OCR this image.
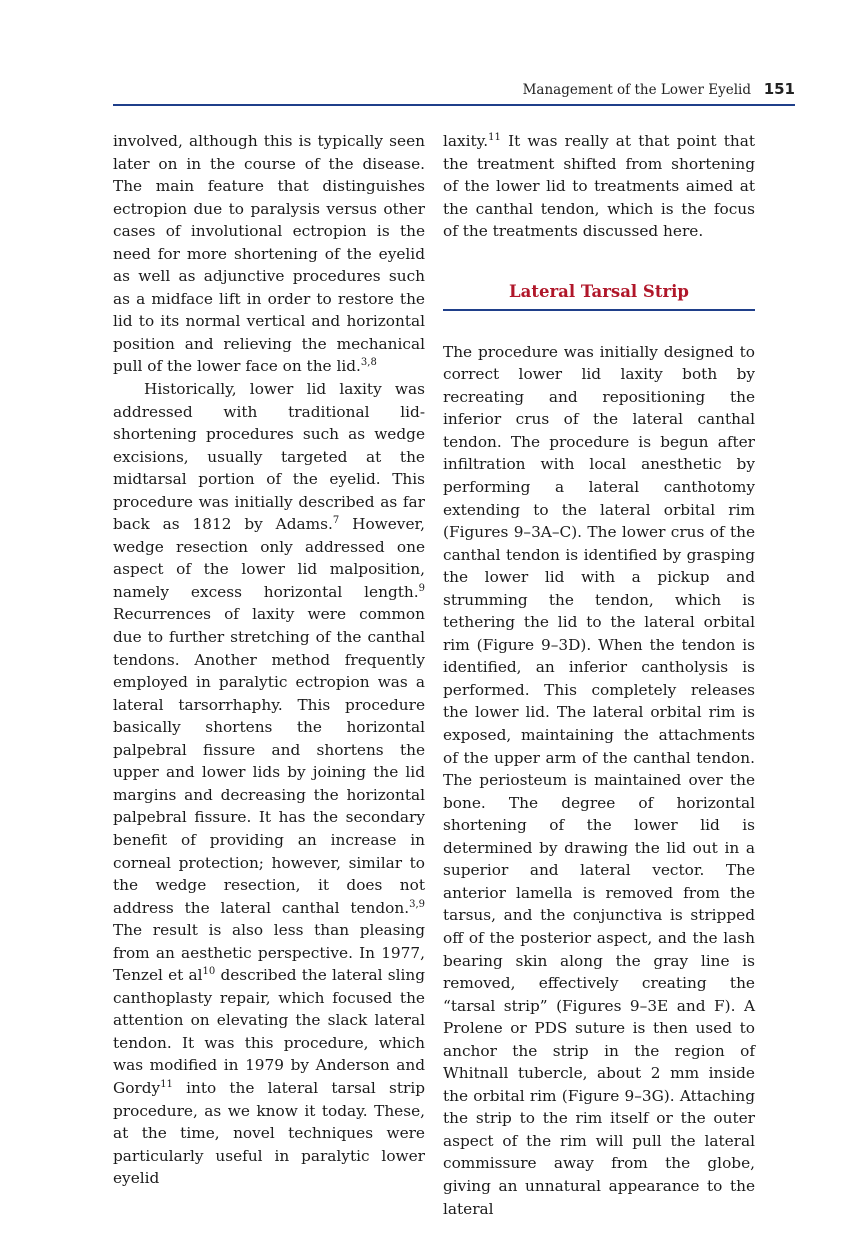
Management of the Lower Eyelid 151

involved, although this is typically seen later on in the course of the disease. The main feature that distinguishes ectropion due to paralysis versus other cases of involutional ectropion is the need for more shortening of the eyelid as well as adjunctive procedures such as a midface lift in order to restore the lid to its normal vertical and horizontal position and relieving the mechanical pull of the lower face on the lid.$^{3,8}$

Historically, lower lid laxity was addressed with traditional lid-shortening procedures such as wedge excisions, usually targeted at the midtarsal portion of the eyelid. This procedure was initially described as far back as 1812 by Adams.$^7$ However, wedge resection only addressed one aspect of the lower lid malposition, namely excess horizontal length.$^9$ Recurrences of laxity were common due to further stretching of the canthal tendons. Another method frequently employed in paralytic ectropion was a lateral tarsorrhaphy. This procedure basically shortens the horizontal palpebral fissure and shortens the upper and lower lids by joining the lid margins and decreasing the horizontal palpebral fissure. It has the secondary benefit of providing an increase in corneal protection; however, similar to the wedge resection, it does not address the lateral canthal tendon.$^{3,9}$ The result is also less than pleasing from an aesthetic perspective. In 1977, Tenzel et $al^{10}$ described the lateral sling canthoplasty repair, which focused the attention on elevating the slack lateral tendon. It was this procedure, which was modified in 1979 by Anderson and Gordy$^{11}$ into the lateral tarsal strip procedure, as we know it today. These, at the time, novel techniques were particularly useful in paralytic lower eyelid

laxity.$^{11}$ It was really at that point that the treatment shifted from shortening of the lower lid to treatments aimed at the canthal tendon, which is the focus of the treatments discussed here.

Lateral Tarsal Strip

The procedure was initially designed to correct lower lid laxity both by recreating and repositioning the inferior crus of the lateral canthal tendon. The procedure is begun after infiltration with local anesthetic by performing a lateral canthotomy extending to the lateral orbital rim (Figures 9–3A–C). The lower crus of the canthal tendon is identified by grasping the lower lid with a pickup and strumming the tendon, which is tethering the lid to the lateral orbital rim (Figure 9–3D). When the tendon is identified, an inferior cantholysis is performed. This completely releases the lower lid. The lateral orbital rim is exposed, maintaining the attachments of the upper arm of the canthal tendon. The periosteum is maintained over the bone. The degree of horizontal shortening of the lower lid is determined by drawing the lid out in a superior and lateral vector. The anterior lamella is removed from the tarsus, and the conjunctiva is stripped off of the posterior aspect, and the lash bearing skin along the gray line is removed, effectively creating the “tarsal strip” (Figures 9–3E and F). A Prolene or PDS suture is then used to anchor the strip in the region of Whitnall tubercle, about 2 mm inside the orbital rim (Figure 9–3G). Attaching the strip to the rim itself or the outer aspect of the rim will pull the lateral commissure away from the globe, giving an unnatural appearance to the lateral
